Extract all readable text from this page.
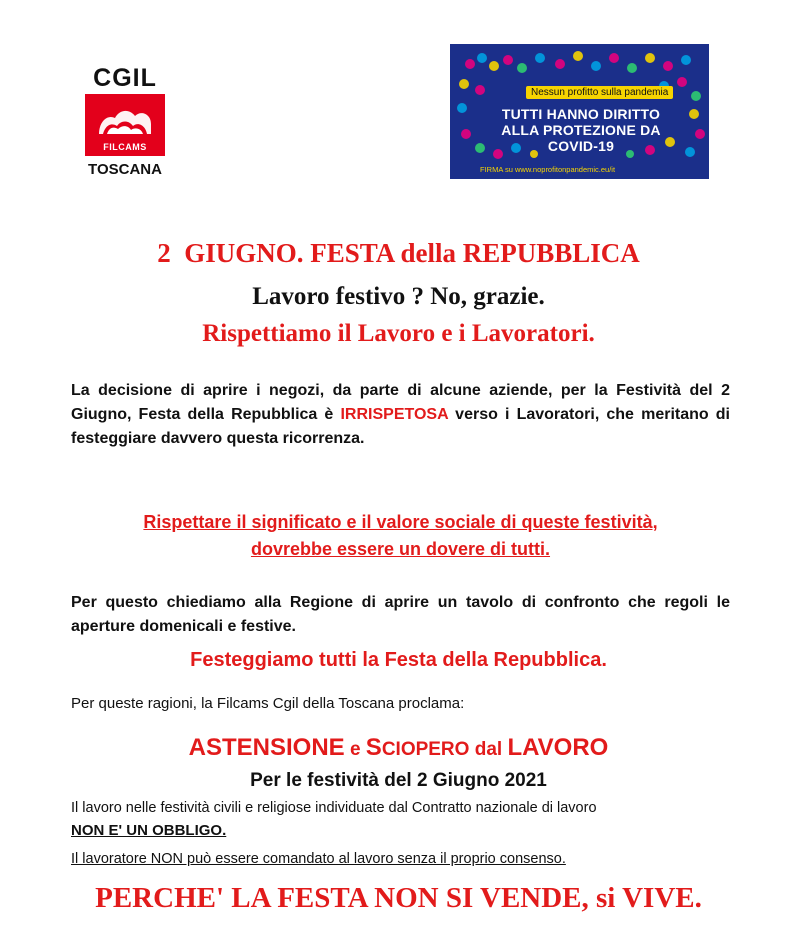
CGIL
FILCAMS
TOSCANA
Nessun profitto sulla pandemia
TUTTI HANNO DIRITTO
ALLA PROTEZIONE DA
COVID-19
FIRMA su www.noprofitonpandemic.eu/it
2  GIUGNO. FESTA della REPUBBLICA
Lavoro festivo ? No, grazie.
Rispettiamo il Lavoro e i Lavoratori.
La decisione di aprire i negozi, da parte di alcune aziende, per la Festività del 2 Giugno, Festa della Repubblica è IRRISPETOSA verso i Lavoratori, che meritano di festeggiare davvero questa ricorrenza.
Rispettare il significato e il valore sociale di queste festività,
dovrebbe essere un dovere di tutti.
Per questo chiediamo alla Regione di aprire un tavolo di confronto che regoli le aperture domenicali e festive.
Festeggiamo tutti la Festa della Repubblica.
Per queste ragioni, la Filcams Cgil della Toscana proclama:
ASTENSIONE e SCIOPERO dal LAVORO
Per le festività del 2 Giugno 2021
Il lavoro nelle festività civili e religiose individuate dal Contratto nazionale di lavoro
NON E' UN OBBLIGO.
Il lavoratore NON può essere comandato al lavoro senza il proprio consenso.
PERCHE' LA FESTA NON SI VENDE, si VIVE.
